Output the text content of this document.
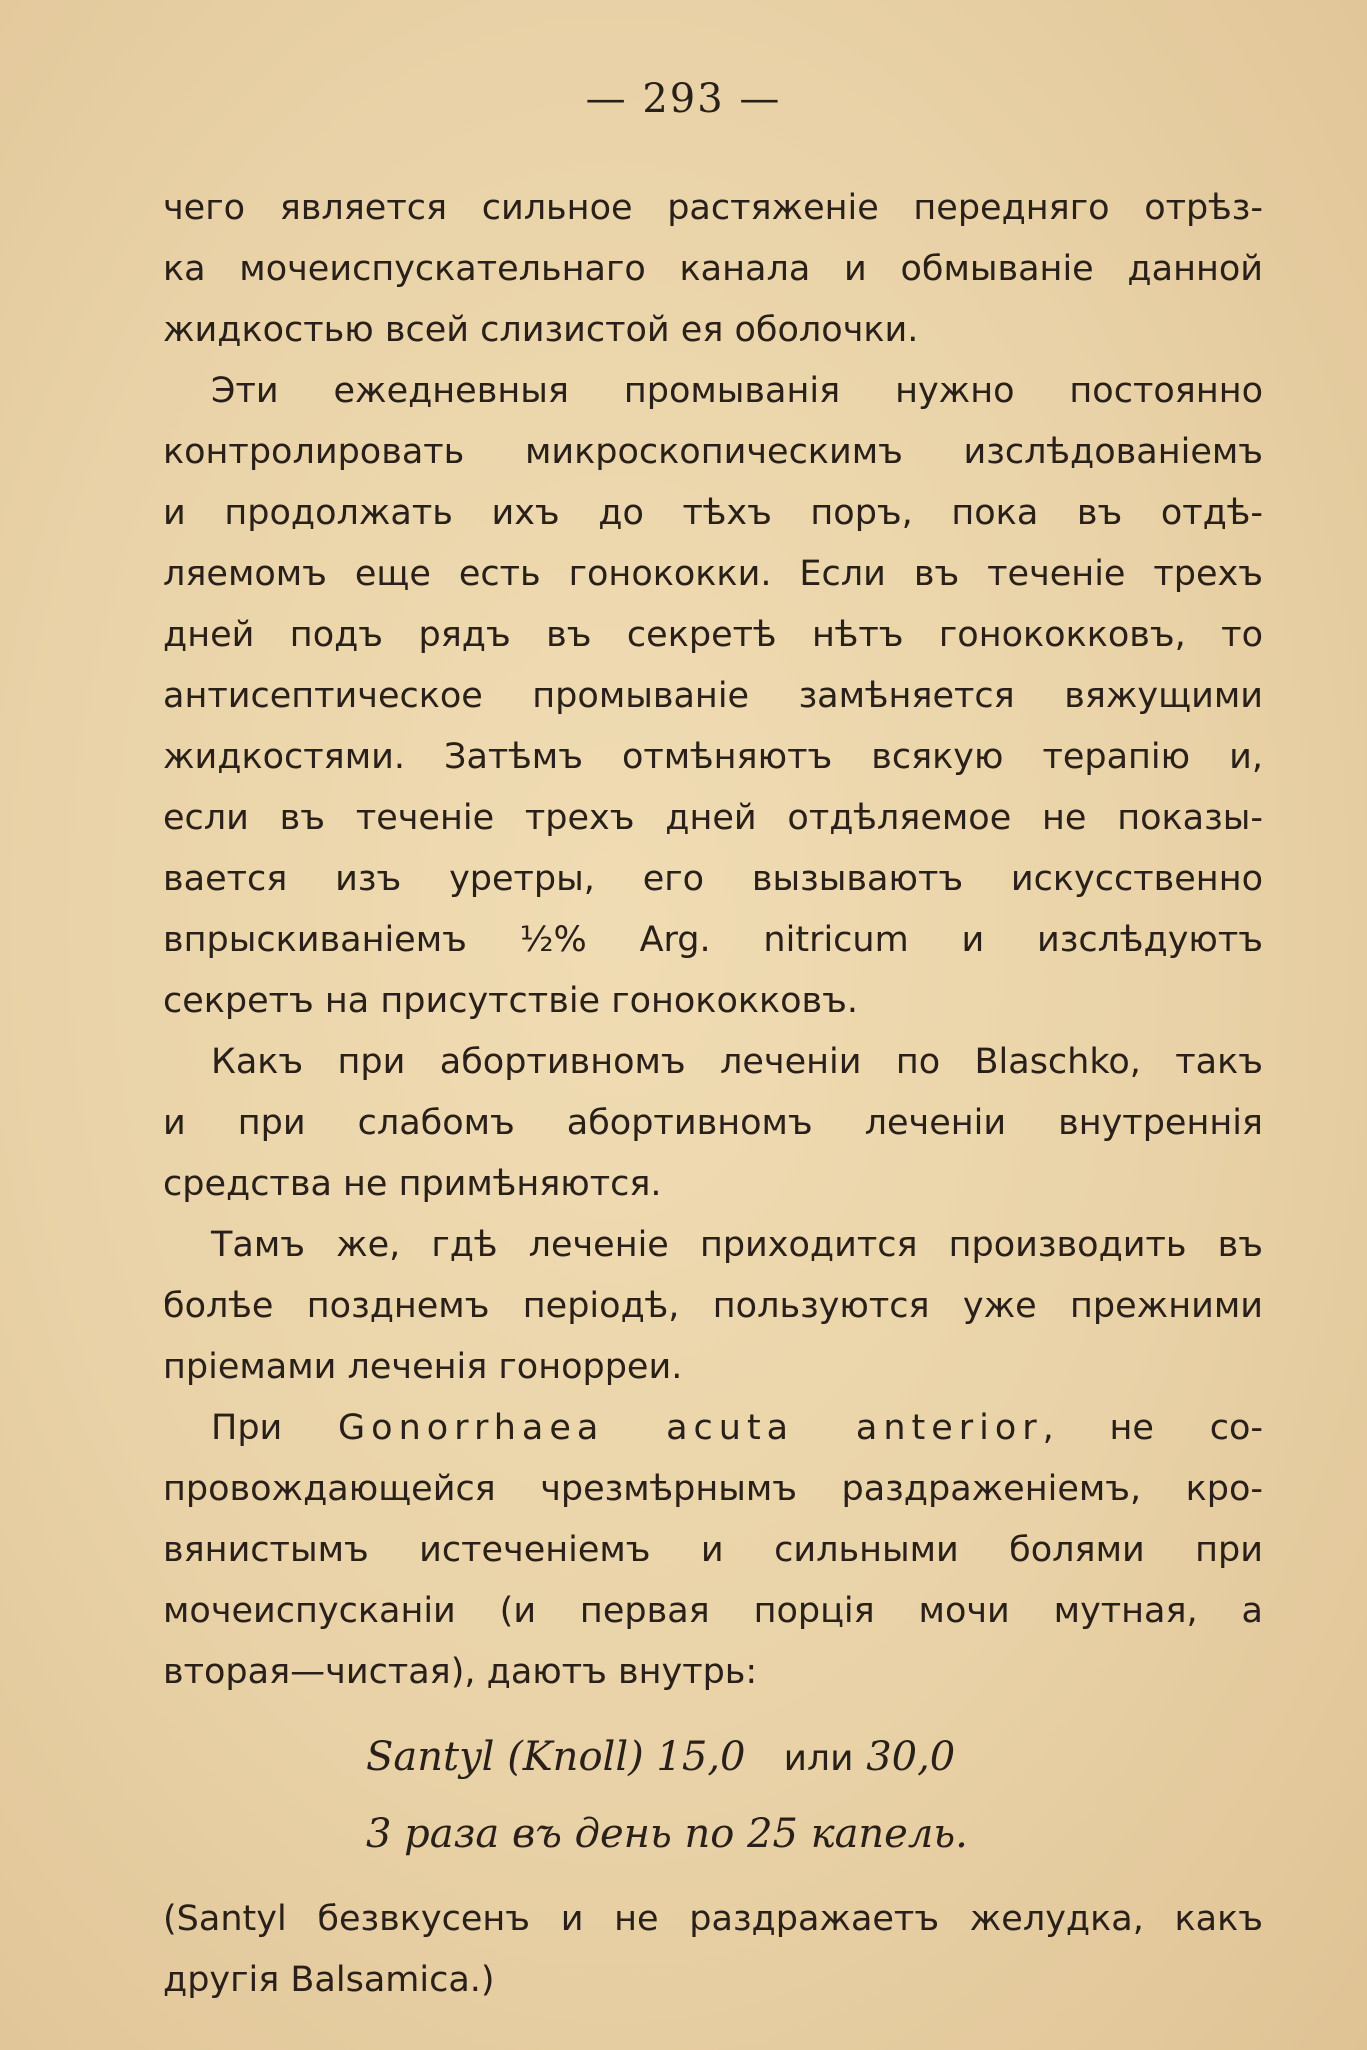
— 293 —
чего является сильное растяженіе передняго отрѣз-
ка мочеиспускательнаго канала и обмываніе данной
жидкостью всей слизистой ея оболочки.
Эти ежедневныя промыванія нужно постоянно
контролировать микроскопическимъ изслѣдованіемъ
и продолжать ихъ до тѣхъ поръ, пока въ отдѣ-
ляемомъ еще есть гонококки. Если въ теченіе трехъ
дней подъ рядъ въ секретѣ нѣтъ гонококковъ, то
антисептическое промываніе замѣняется вяжущими
жидкостями. Затѣмъ отмѣняютъ всякую терапію и,
если въ теченіе трехъ дней отдѣляемое не показы-
вается изъ уретры, его вызываютъ искусственно
впрыскиваніемъ ½% Arg. nitricum и изслѣдуютъ
секретъ на присутствіе гонококковъ.
Какъ при абортивномъ леченіи по Blaschko, такъ
и при слабомъ абортивномъ леченіи внутреннія
средства не примѣняются.
Тамъ же, гдѣ леченіе приходится производить въ
болѣе позднемъ періодѣ, пользуются уже прежними
пріемами леченія гонорреи.
При Gonorrhaea acuta anterior, не со-
провождающейся чрезмѣрнымъ раздраженіемъ, кро-
вянистымъ истеченіемъ и сильными болями при
мочеиспусканіи (и первая порція мочи мутная, а
вторая—чистая), даютъ внутрь:
Santyl (Knoll) 15,0 или 30,0
3 раза въ день по 25 капель.
(Santyl безвкусенъ и не раздражаетъ желудка, какъ
другія Balsamica.)
